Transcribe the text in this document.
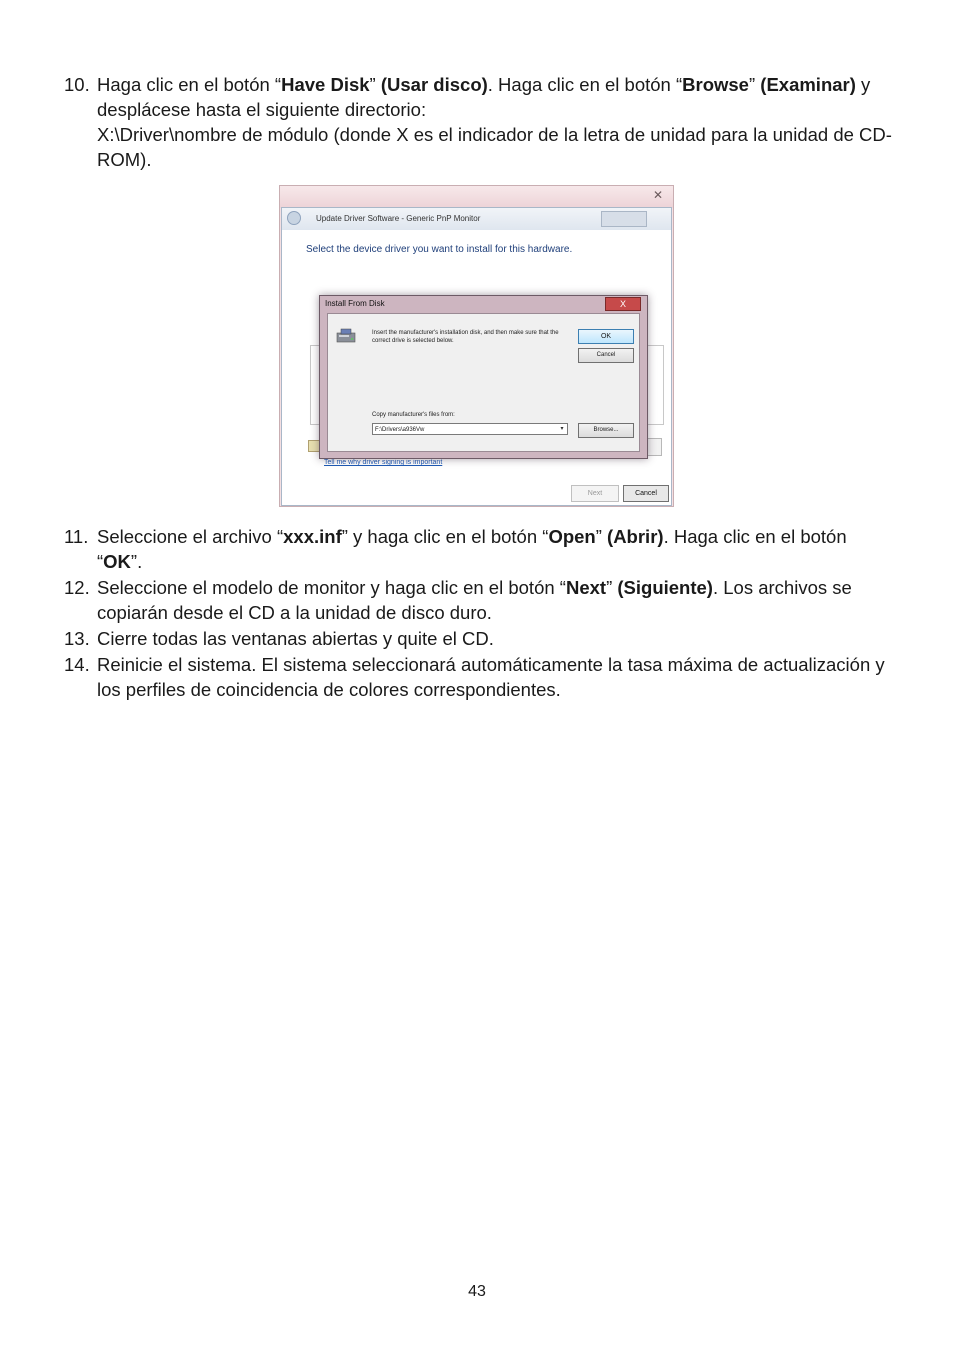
10. Haga clic en el botón “Have Disk” (Usar disco). Haga clic en el botón “Browse” (Examinar) y desplácese hasta el siguiente directorio:
X:\Driver\nombre de módulo (donde X es el indicador de la letra de unidad para la unidad de CD-ROM).
✕
Update Driver Software - Generic PnP Monitor
Select the device driver you want to install for this hardware.
Tell me why driver signing is important
Next	Cancel
Install From Disk	X
Insert the manufacturer's installation disk, and then make sure that the correct drive is selected below.
OK
Cancel
Copy manufacturer's files from:
F:\Drivers\a936Vw	▾	Browse...
11. Seleccione el archivo “xxx.inf” y haga clic en el botón “Open” (Abrir). Haga clic en el botón “OK”.
12. Seleccione el modelo de monitor y haga clic en el botón “Next” (Siguiente). Los archivos se copiarán desde el CD a la unidad de disco duro.
13. Cierre todas las ventanas abiertas y quite el CD.
14. Reinicie el sistema. El sistema seleccionará automáticamente la tasa máxima de actualización y los perfiles de coincidencia de colores correspondientes.
43
